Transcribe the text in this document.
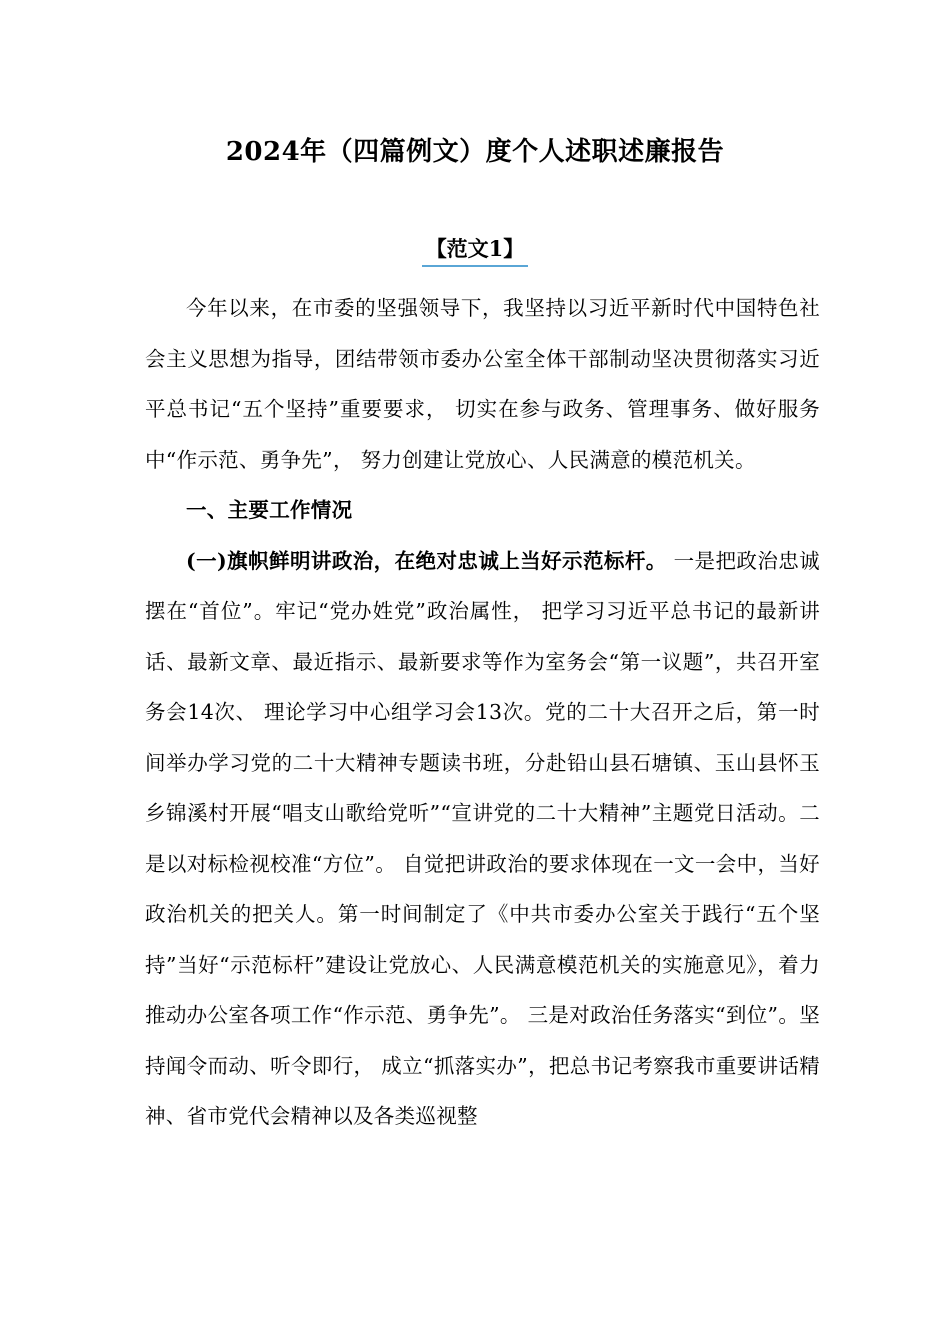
2024年（四篇例文）度个人述职述廉报告
【范文1】

今年以来，在市委的坚强领导下，我坚持以习近平新时代中国特色社会主义思想为指导，团结带领市委办公室全体干部制动坚决贯彻落实习近平总书记“五个坚持”重要要求， 切实在参与政务、管理事务、做好服务中“作示范、勇争先”， 努力创建让党放心、人民满意的模范机关。

一、主要工作情况

(一)旗帜鲜明讲政治，在绝对忠诚上当好示范标杆。 一是把政治忠诚摆在“首位”。牢记“党办姓党”政治属性， 把学习习近平总书记的最新讲话、最新文章、最近指示、最新要求等作为室务会“第一议题”，共召开室务会14次、 理论学习中心组学习会13次。党的二十大召开之后，第一时间举办学习党的二十大精神专题读书班，分赴铅山县石塘镇、玉山县怀玉乡锦溪村开展“唱支山歌给党听”“宣讲党的二十大精神”主题党日活动。二是以对标检视校准“方位”。 自觉把讲政治的要求体现在一文一会中，当好政治机关的把关人。第一时间制定了《中共市委办公室关于践行“五个坚持”当好“示范标杆”建设让党放心、人民满意模范机关的实施意见》，着力推动办公室各项工作“作示范、勇争先”。 三是对政治任务落实“到位”。坚持闻令而动、听令即行， 成立“抓落实办”，把总书记考察我市重要讲话精神、省市党代会精神以及各类巡视整
